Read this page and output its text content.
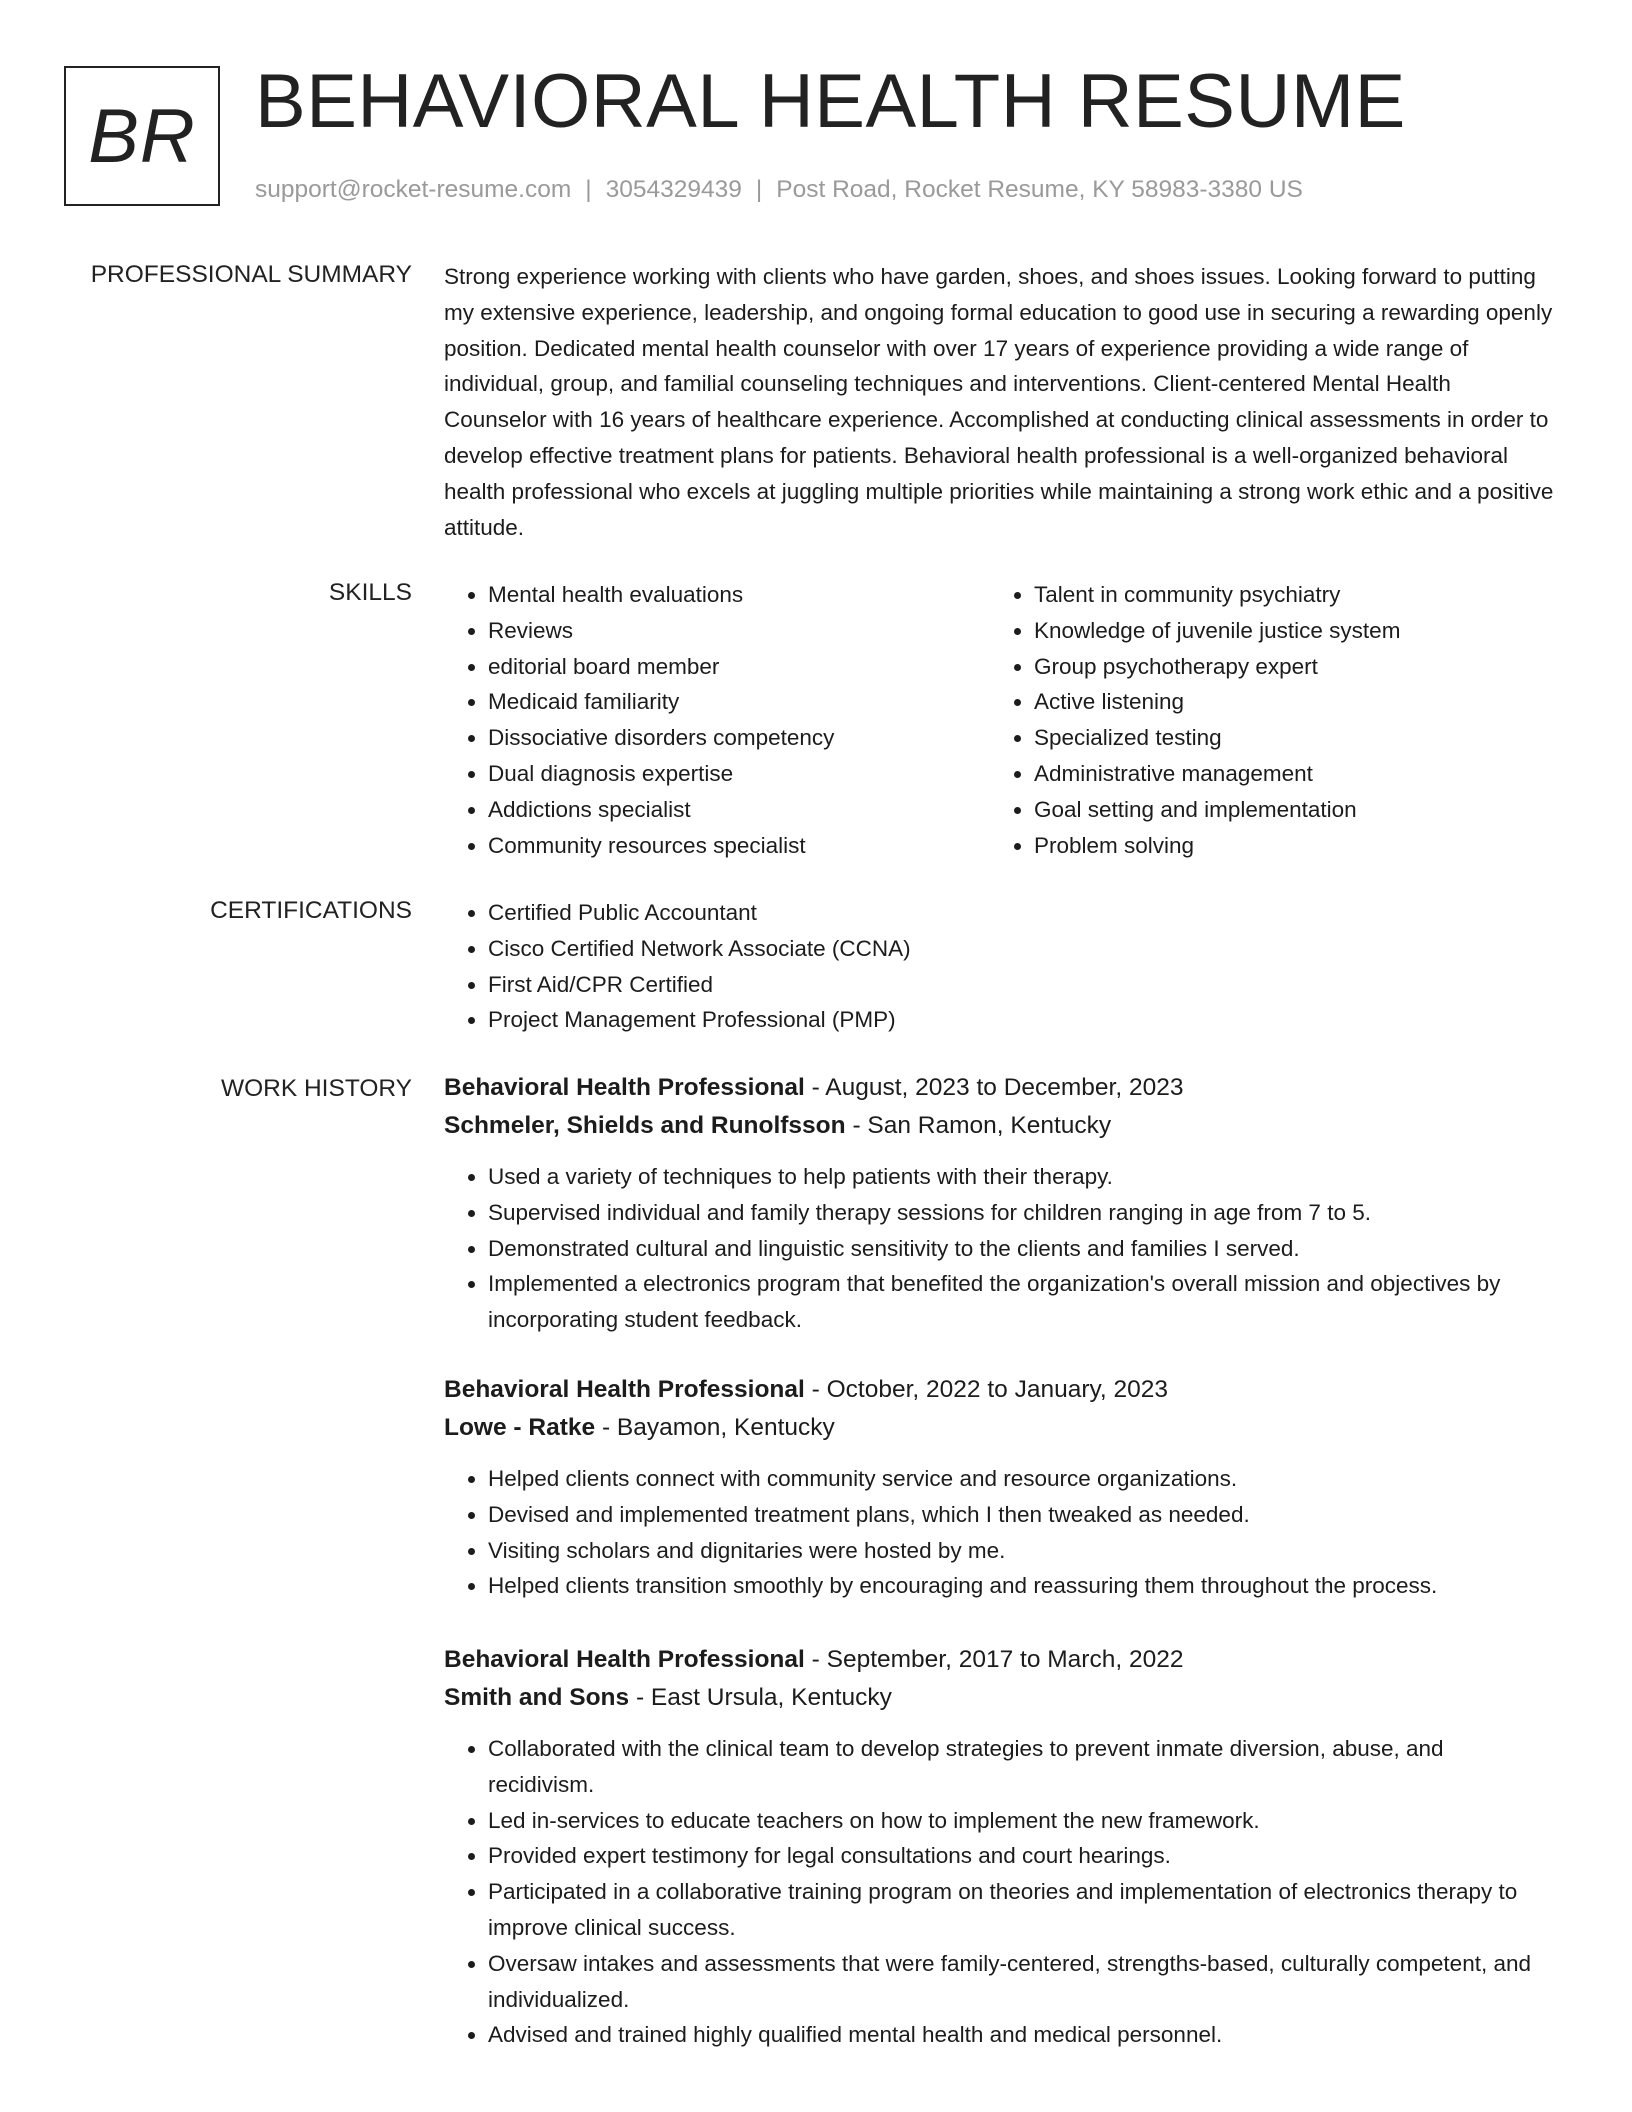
BR BEHAVIORAL HEALTH RESUME
support@rocket-resume.com | 3054329439 | Post Road, Rocket Resume, KY 58983-3380 US
PROFESSIONAL SUMMARY Strong experience working with clients who have garden, shoes, and shoes issues. Looking forward to putting my extensive experience, leadership, and ongoing formal education to good use in securing a rewarding openly position. Dedicated mental health counselor with over 17 years of experience providing a wide range of individual, group, and familial counseling techniques and interventions. Client-centered Mental Health Counselor with 16 years of healthcare experience. Accomplished at conducting clinical assessments in order to develop effective treatment plans for patients. Behavioral health professional is a well-organized behavioral health professional who excels at juggling multiple priorities while maintaining a strong work ethic and a positive attitude.

SKILLS	• Mental health evaluations
• Reviews
• editorial board member
• Medicaid familiarity
• Dissociative disorders competency
• Dual diagnosis expertise
• Addictions specialist
• Community resources specialist
• Talent in community psychiatry
• Knowledge of juvenile justice system
• Group psychotherapy expert
• Active listening
• Specialized testing
• Administrative management
• Goal setting and implementation
• Problem solving
CERTIFICATIONS	• Certified Public Accountant
• Cisco Certified Network Associate (CCNA)
• First Aid/CPR Certified
• Project Management Professional (PMP)
WORK HISTORY Behavioral Health Professional - August, 2023 to December, 2023
Schmeler, Shields and Runolfsson - San Ramon, Kentucky
• Used a variety of techniques to help patients with their therapy.
• Supervised individual and family therapy sessions for children ranging in age from 7 to 5.
• Demonstrated cultural and linguistic sensitivity to the clients and families I served.
• Implemented a electronics program that benefited the organization's overall mission and objectives by incorporating student feedback.
Behavioral Health Professional - October, 2022 to January, 2023
Lowe - Ratke - Bayamon, Kentucky
• Helped clients connect with community service and resource organizations.
• Devised and implemented treatment plans, which I then tweaked as needed.
• Visiting scholars and dignitaries were hosted by me.
• Helped clients transition smoothly by encouraging and reassuring them throughout the process.
Behavioral Health Professional - September, 2017 to March, 2022
Smith and Sons - East Ursula, Kentucky
• Collaborated with the clinical team to develop strategies to prevent inmate diversion, abuse, and recidivism.
• Led in-services to educate teachers on how to implement the new framework.
• Provided expert testimony for legal consultations and court hearings.
• Participated in a collaborative training program on theories and implementation of electronics therapy to improve clinical success.
• Oversaw intakes and assessments that were family-centered, strengths-based, culturally competent, and individualized.
• Advised and trained highly qualified mental health and medical personnel.
